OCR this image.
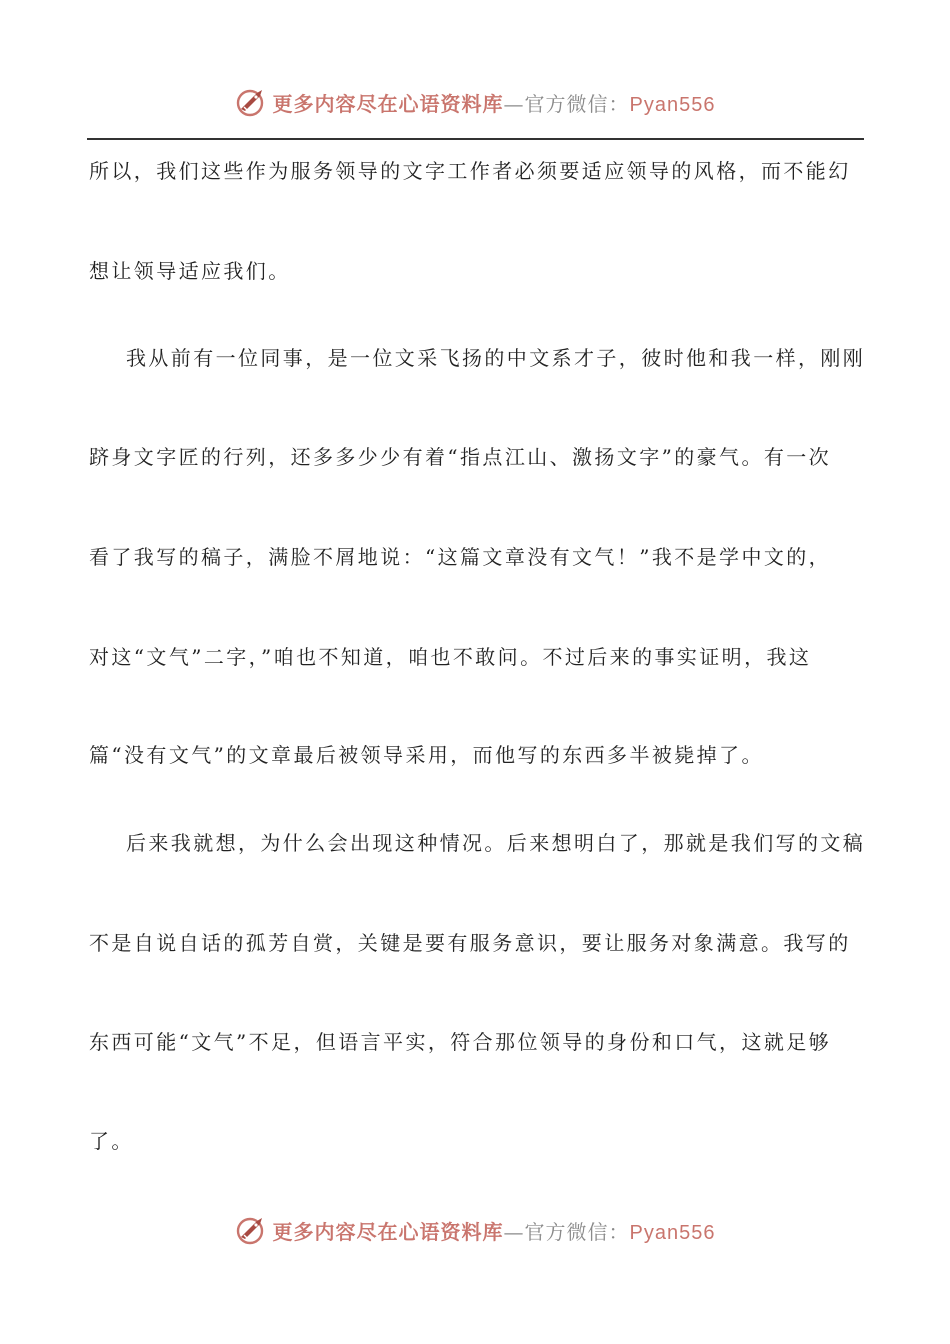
更多内容尽在心语资料库—官方微信：Pyan556
所以，我们这些作为服务领导的文字工作者必须要适应领导的风格，而不能幻
想让领导适应我们。
我从前有一位同事，是一位文采飞扬的中文系才子，彼时他和我一样，刚刚
跻身文字匠的行列，还多多少少有着“指点江山、激扬文字”的豪气。有一次
看了我写的稿子，满脸不屑地说：“这篇文章没有文气！”我不是学中文的，
对这“文气”二字，”咱也不知道，咱也不敢问。不过后来的事实证明，我这
篇“没有文气”的文章最后被领导采用，而他写的东西多半被毙掉了。
后来我就想，为什么会出现这种情况。后来想明白了，那就是我们写的文稿
不是自说自话的孤芳自赏，关键是要有服务意识，要让服务对象满意。我写的
东西可能“文气”不足，但语言平实，符合那位领导的身份和口气，这就足够
了。
更多内容尽在心语资料库—官方微信：Pyan556
